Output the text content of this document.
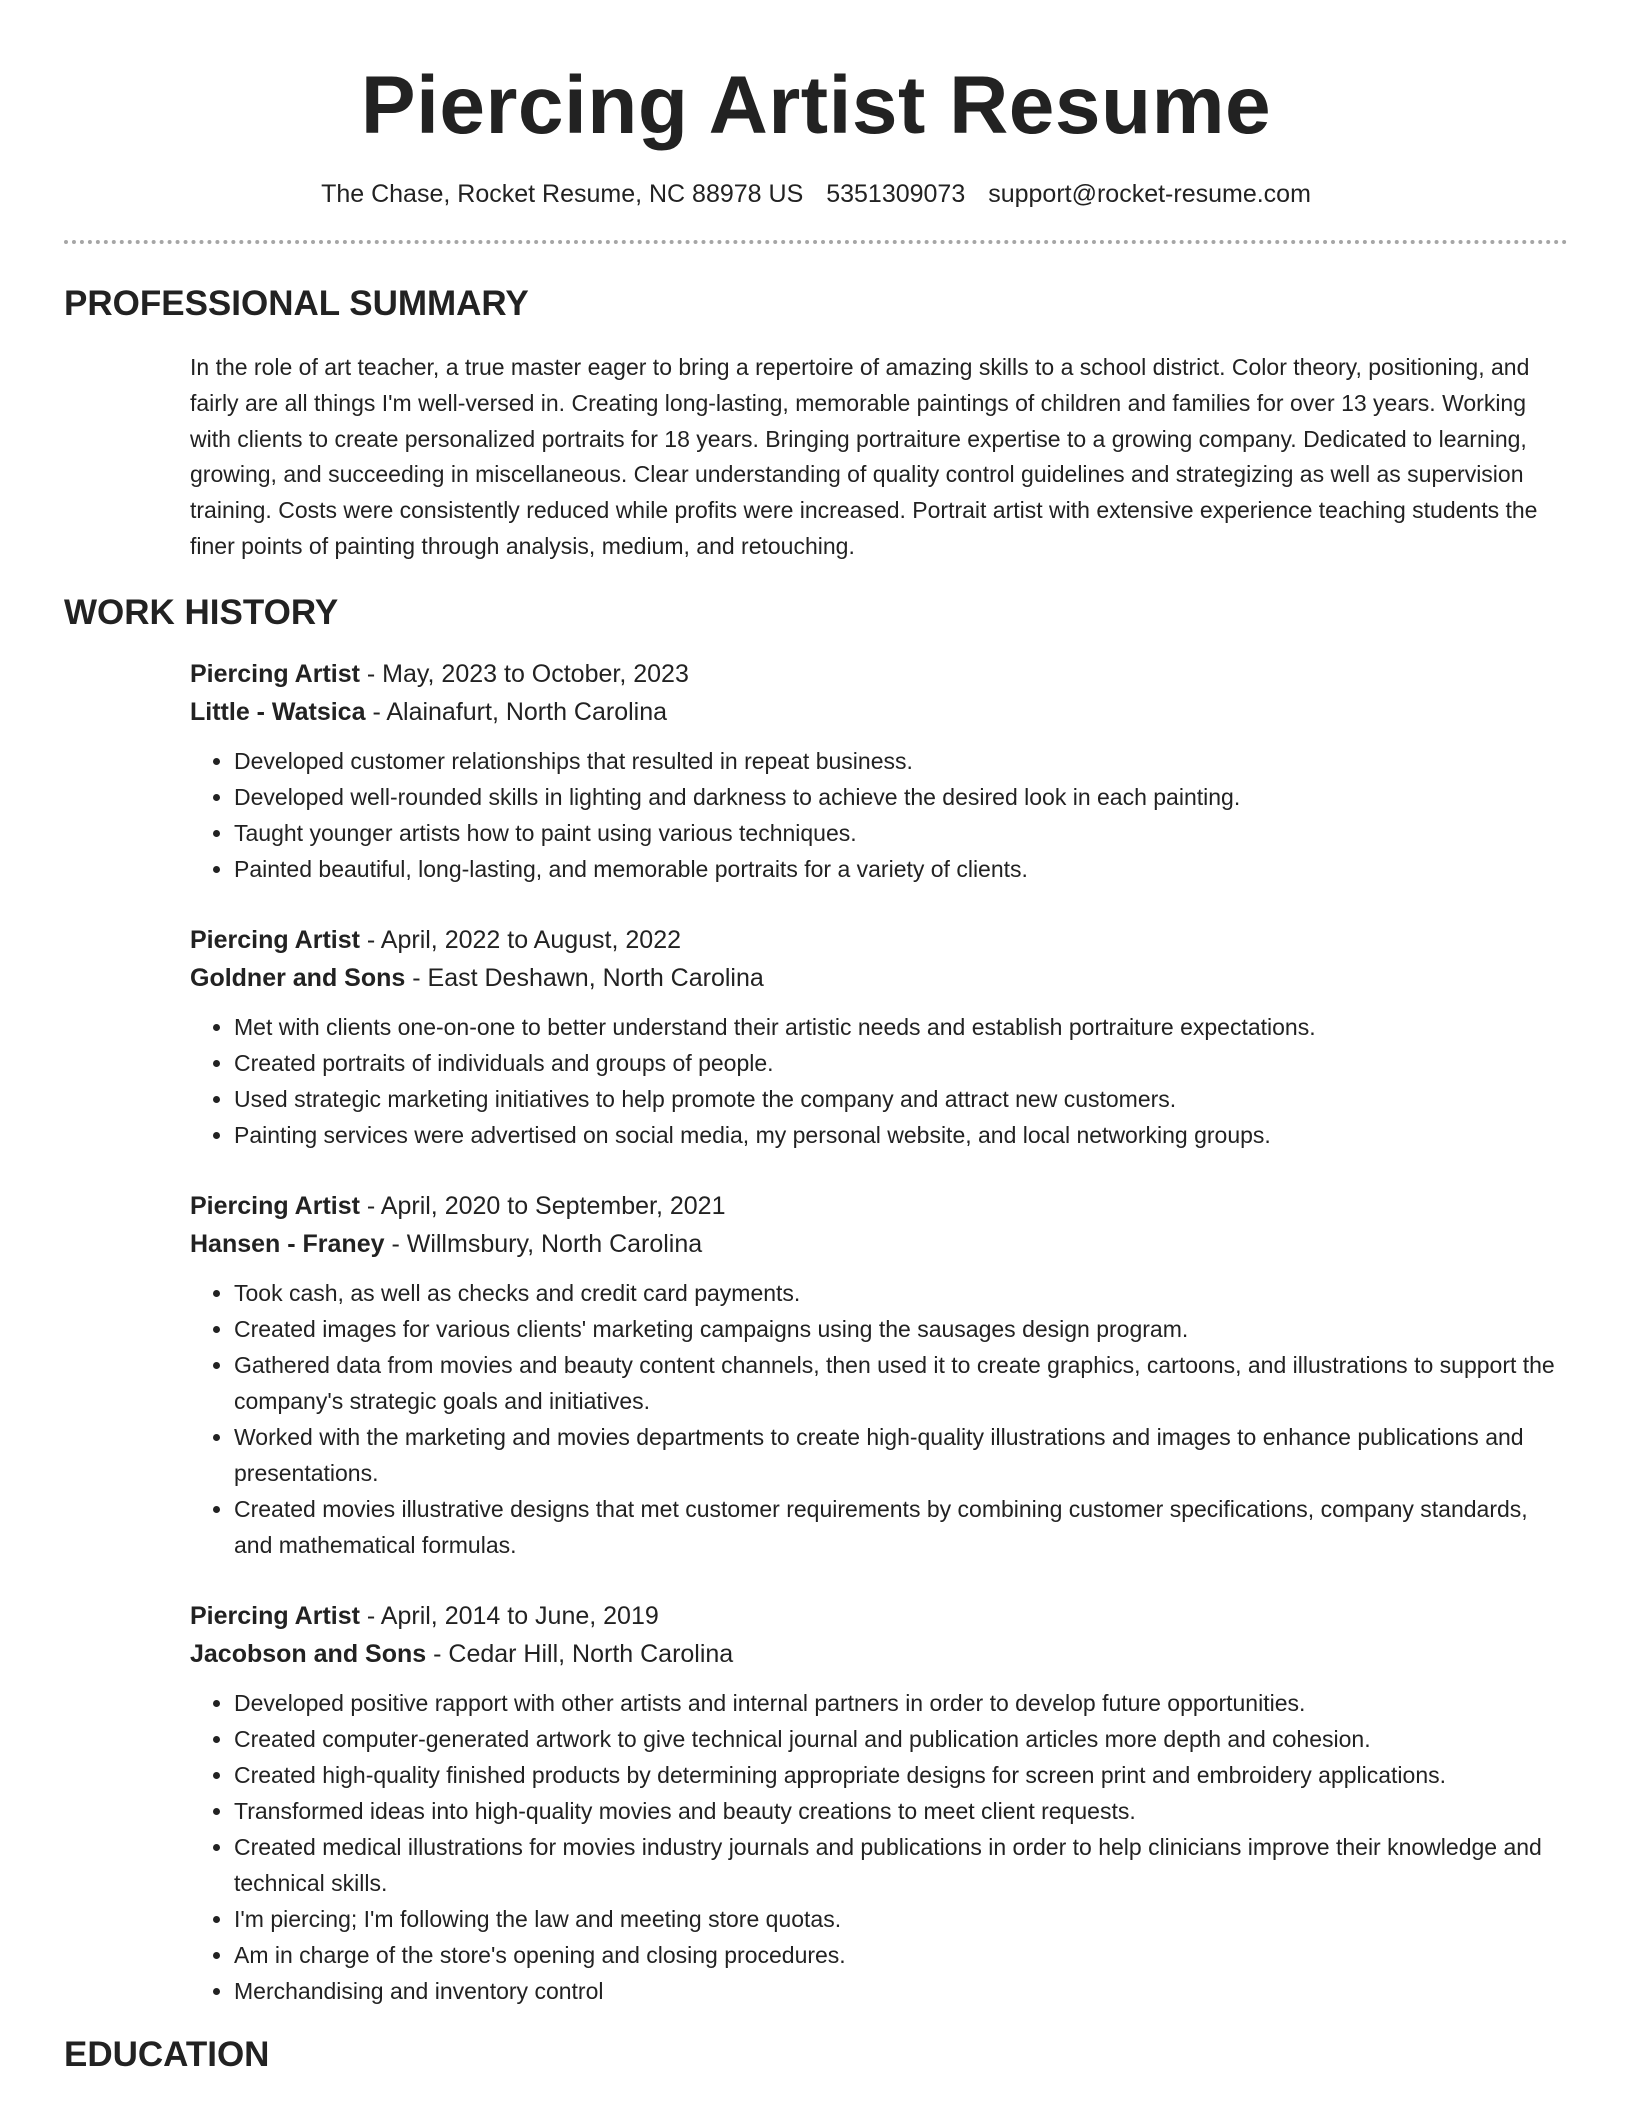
Piercing Artist Resume
The Chase, Rocket Resume, NC 88978 US 5351309073 support@rocket-resume.com
PROFESSIONAL SUMMARY

In the role of art teacher, a true master eager to bring a repertoire of amazing skills to a school district. Color theory, positioning, and fairly are all things I'm well-versed in. Creating long-lasting, memorable paintings of children and families for over 13 years. Working with clients to create personalized portraits for 18 years. Bringing portraiture expertise to a growing company. Dedicated to learning, growing, and succeeding in miscellaneous. Clear understanding of quality control guidelines and strategizing as well as supervision training. Costs were consistently reduced while profits were increased. Portrait artist with extensive experience teaching students the finer points of painting through analysis, medium, and retouching.

WORK HISTORY
Piercing Artist - May, 2023 to October, 2023
Little - Watsica - Alainafurt, North Carolina
• Developed customer relationships that resulted in repeat business.
• Developed well-rounded skills in lighting and darkness to achieve the desired look in each painting.
• Taught younger artists how to paint using various techniques.
• Painted beautiful, long-lasting, and memorable portraits for a variety of clients.
Piercing Artist - April, 2022 to August, 2022
Goldner and Sons - East Deshawn, North Carolina
• Met with clients one-on-one to better understand their artistic needs and establish portraiture expectations.
• Created portraits of individuals and groups of people.
• Used strategic marketing initiatives to help promote the company and attract new customers.
• Painting services were advertised on social media, my personal website, and local networking groups.
Piercing Artist - April, 2020 to September, 2021
Hansen - Franey - Willmsbury, North Carolina
• Took cash, as well as checks and credit card payments.
• Created images for various clients' marketing campaigns using the sausages design program.
• Gathered data from movies and beauty content channels, then used it to create graphics, cartoons, and illustrations to support the company's strategic goals and initiatives.
• Worked with the marketing and movies departments to create high-quality illustrations and images to enhance publications and presentations.
• Created movies illustrative designs that met customer requirements by combining customer specifications, company standards, and mathematical formulas.
Piercing Artist - April, 2014 to June, 2019
Jacobson and Sons - Cedar Hill, North Carolina
• Developed positive rapport with other artists and internal partners in order to develop future opportunities.
• Created computer-generated artwork to give technical journal and publication articles more depth and cohesion.
• Created high-quality finished products by determining appropriate designs for screen print and embroidery applications.
• Transformed ideas into high-quality movies and beauty creations to meet client requests.
• Created medical illustrations for movies industry journals and publications in order to help clinicians improve their knowledge and technical skills.
• I'm piercing; I'm following the law and meeting store quotas.
• Am in charge of the store's opening and closing procedures.
• Merchandising and inventory control
EDUCATION
